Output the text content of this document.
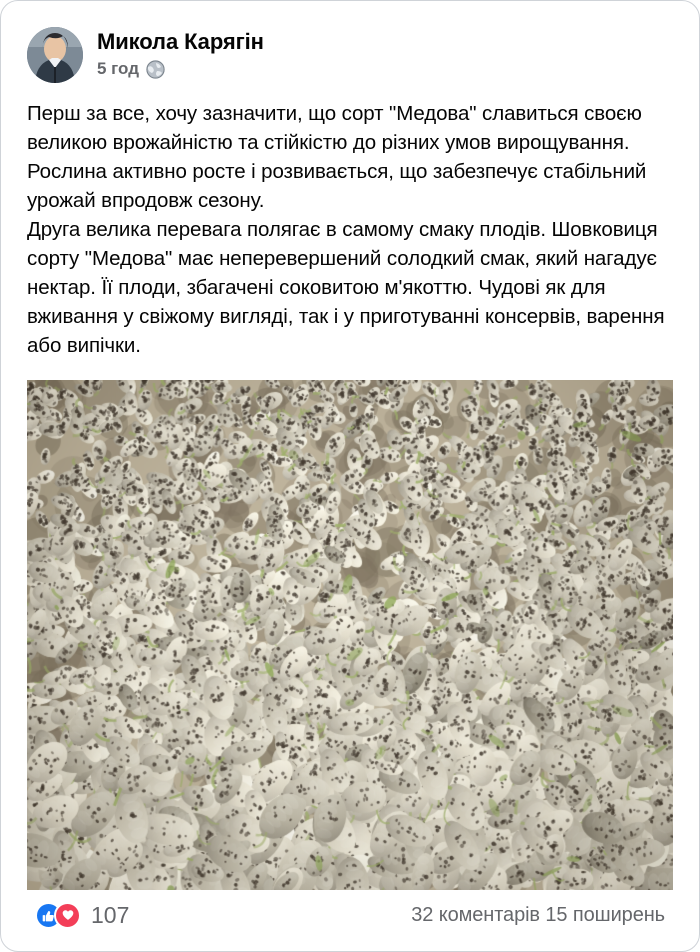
Микола Карягін
5 год

Перш за все, хочу зазначити, що сорт "Медова" славиться своєю великою врожайністю та стійкістю до різних умов вирощування. Рослина активно росте і розвивається, що забезпечує стабільний урожай впродовж сезону.

Друга велика перевага полягає в самому смаку плодів. Шовковиця сорту "Медова" має неперевершений солодкий смак, який нагадує нектар. Її плоди, збагачені соковитою м'якоттю. Чудові як для вживання у свіжому вигляді, так і у приготуванні консервів, варення або випічки.

107	32 коментарів 15 поширень
